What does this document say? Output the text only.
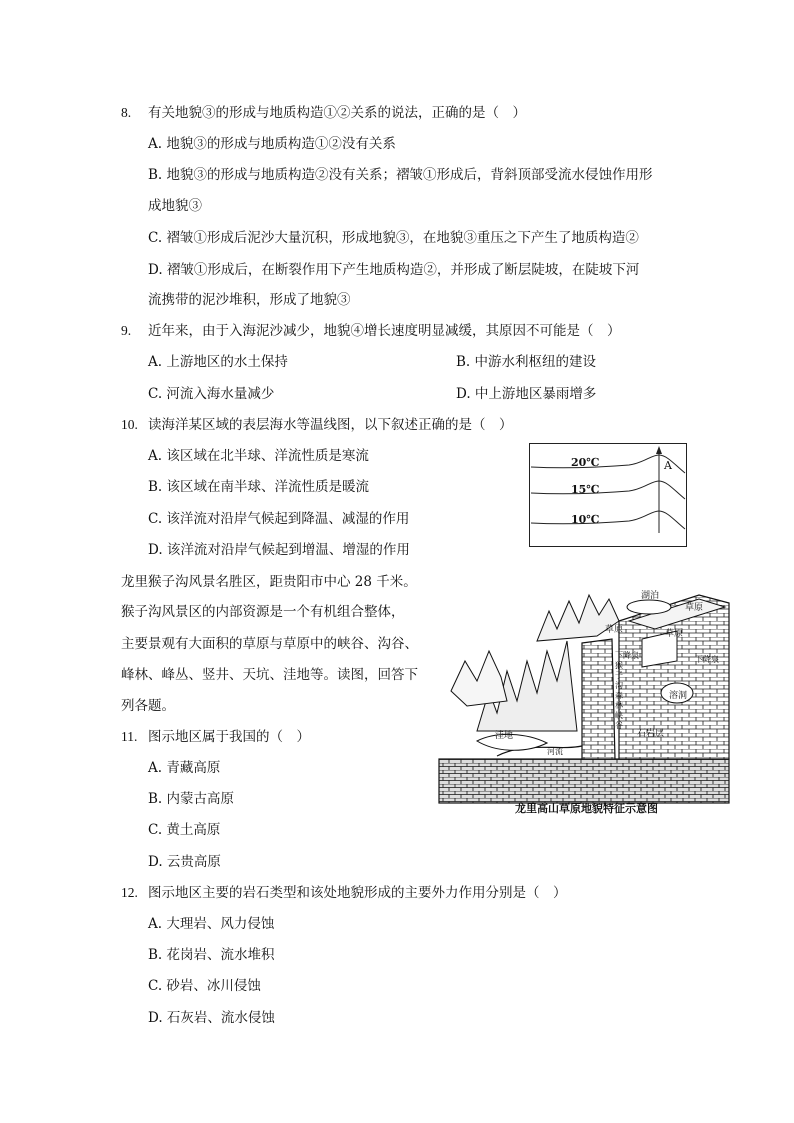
8. 有关地貌③的形成与地质构造①②关系的说法，正确的是（　）
A. 地貌③的形成与地质构造①②没有关系
B. 地貌③的形成与地质构造②没有关系；褶皱①形成后，背斜顶部受流水侵蚀作用形
成地貌③
C. 褶皱①形成后泥沙大量沉积，形成地貌③，在地貌③重压之下产生了地质构造②
D. 褶皱①形成后，在断裂作用下产生地质构造②，并形成了断层陡坡，在陡坡下河
流携带的泥沙堆积，形成了地貌③
9. 近年来，由于入海泥沙减少，地貌④增长速度明显减缓，其原因不可能是（　）
A. 上游地区的水土保持	B. 中游水利枢纽的建设
C. 河流入海水量减少	D. 中上游地区暴雨增多
10. 读海洋某区域的表层海水等温线图，以下叙述正确的是（　）
A. 该区域在北半球、洋流性质是寒流
B. 该区域在南半球、洋流性质是暖流
C. 该洋流对沿岸气候起到降温、减湿的作用
D. 该洋流对沿岸气候起到增温、增湿的作用
20℃
15℃
10℃
A
龙里猴子沟风景名胜区，距贵阳市中心 28 千米。
猴子沟风景区的内部资源是一个有机组合整体，
主要景观有大面积的草原与草原中的峡谷、沟谷、
峰林、峰丛、竖井、天坑、洼地等。读图，回答下
列各题。
湖泊
草原
草原
草原
下降泉	下降泉
猴子沟森林峡谷
溶洞
洼地
河流
石岩层
龙里高山草原地貌特征示意图
11. 图示地区属于我国的（　）
A. 青藏高原
B. 内蒙古高原
C. 黄土高原
D. 云贵高原
12. 图示地区主要的岩石类型和该处地貌形成的主要外力作用分别是（　）
A. 大理岩、风力侵蚀
B. 花岗岩、流水堆积
C. 砂岩、冰川侵蚀
D. 石灰岩、流水侵蚀
